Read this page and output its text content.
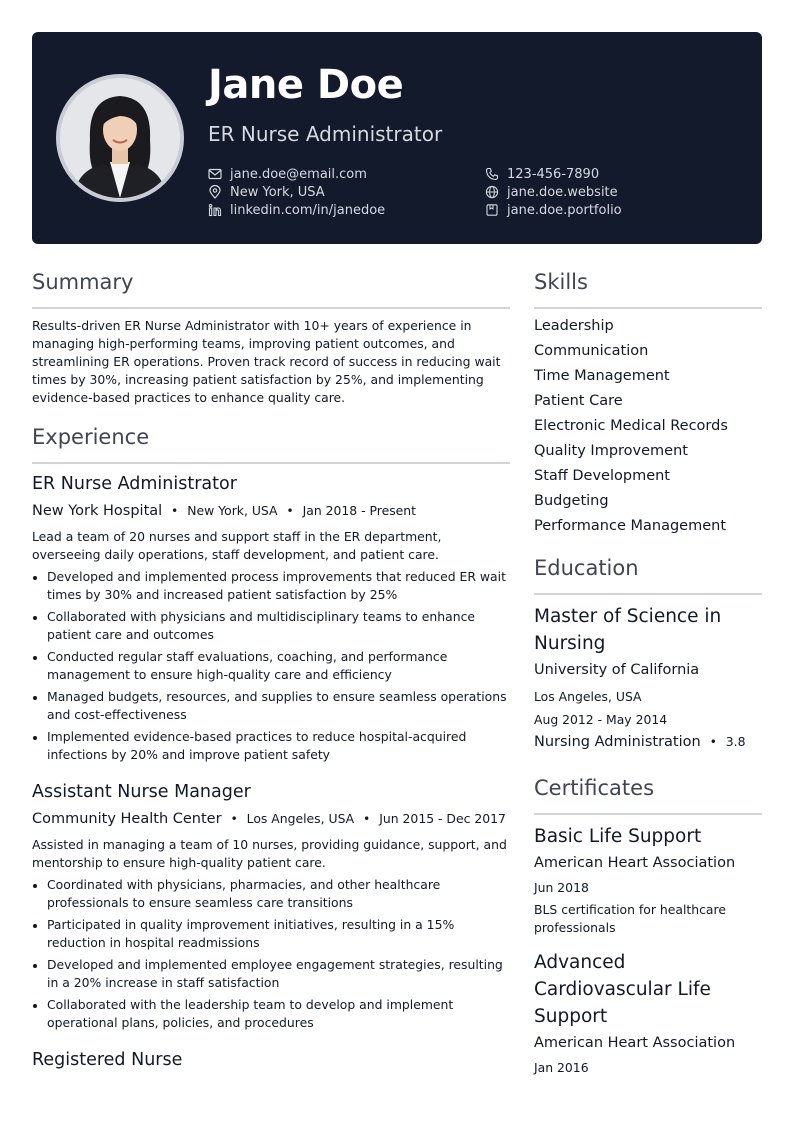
Jane Doe
ER Nurse Administrator
jane.doe@email.com
New York, USA
linkedin.com/in/janedoe
123-456-7890
jane.doe.website
jane.doe.portfolio
Summary
Results-driven ER Nurse Administrator with 10+ years of experience in managing high-performing teams, improving patient outcomes, and streamlining ER operations. Proven track record of success in reducing wait times by 30%, increasing patient satisfaction by 25%, and implementing evidence-based practices to enhance quality care.
Experience
ER Nurse Administrator
New York Hospital • New York, USA • Jan 2018 - Present
Lead a team of 20 nurses and support staff in the ER department, overseeing daily operations, staff development, and patient care.
Developed and implemented process improvements that reduced ER wait times by 30% and increased patient satisfaction by 25%
Collaborated with physicians and multidisciplinary teams to enhance patient care and outcomes
Conducted regular staff evaluations, coaching, and performance management to ensure high-quality care and efficiency
Managed budgets, resources, and supplies to ensure seamless operations and cost-effectiveness
Implemented evidence-based practices to reduce hospital-acquired infections by 20% and improve patient safety
Assistant Nurse Manager
Community Health Center • Los Angeles, USA • Jun 2015 - Dec 2017
Assisted in managing a team of 10 nurses, providing guidance, support, and mentorship to ensure high-quality patient care.
Coordinated with physicians, pharmacies, and other healthcare professionals to ensure seamless care transitions
Participated in quality improvement initiatives, resulting in a 15% reduction in hospital readmissions
Developed and implemented employee engagement strategies, resulting in a 20% increase in staff satisfaction
Collaborated with the leadership team to develop and implement operational plans, policies, and procedures
Registered Nurse
Skills
Leadership
Communication
Time Management
Patient Care
Electronic Medical Records
Quality Improvement
Staff Development
Budgeting
Performance Management
Education
Master of Science in Nursing
University of California
Los Angeles, USA
Aug 2012 - May 2014
Nursing Administration • 3.8
Certificates
Basic Life Support
American Heart Association
Jun 2018
BLS certification for healthcare professionals
Advanced Cardiovascular Life Support
American Heart Association
Jan 2016
